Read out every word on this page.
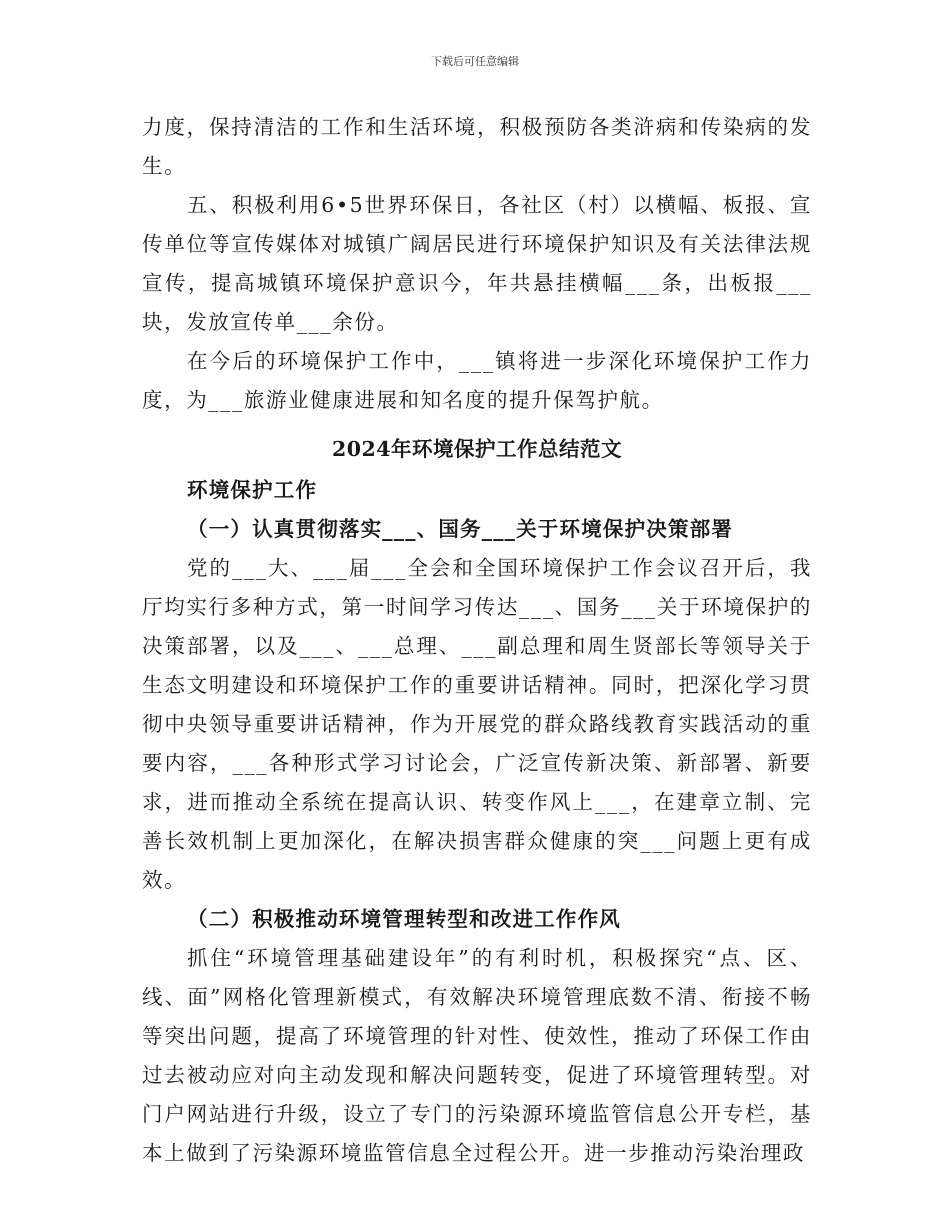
下载后可任意编辑

力度，保持清洁的工作和生活环境，积极预防各类浒病和传染病的发生。

五、积极利用6•5世界环保日，各社区（村）以横幅、板报、宣传单位等宣传媒体对城镇广阔居民进行环境保护知识及有关法律法规宣传，提高城镇环境保护意识今，年共悬挂横幅___条，出板报___块，发放宣传单___余份。

在今后的环境保护工作中，___镇将进一步深化环境保护工作力度，为___旅游业健康进展和知名度的提升保驾护航。

2024年环境保护工作总结范文

环境保护工作

（一）认真贯彻落实___、国务___关于环境保护决策部署

党的___大、___届___全会和全国环境保护工作会议召开后，我厅均实行多种方式，第一时间学习传达___、国务___关于环境保护的决策部署，以及___、___总理、___副总理和周生贤部长等领导关于生态文明建设和环境保护工作的重要讲话精神。同时，把深化学习贯彻中央领导重要讲话精神，作为开展党的群众路线教育实践活动的重要内容，___各种形式学习讨论会，广泛宣传新决策、新部署、新要求，进而推动全系统在提高认识、转变作风上___，在建章立制、完善长效机制上更加深化，在解决损害群众健康的突___问题上更有成效。

（二）积极推动环境管理转型和改进工作作风

抓住“环境管理基础建设年”的有利时机，积极探究“点、区、线、面”网格化管理新模式，有效解决环境管理底数不清、衔接不畅等突出问题，提高了环境管理的针对性、使效性，推动了环保工作由过去被动应对向主动发现和解决问题转变，促进了环境管理转型。对门户网站进行升级，设立了专门的污染源环境监管信息公开专栏，基本上做到了污染源环境监管信息全过程公开。进一步推动污染治理政
